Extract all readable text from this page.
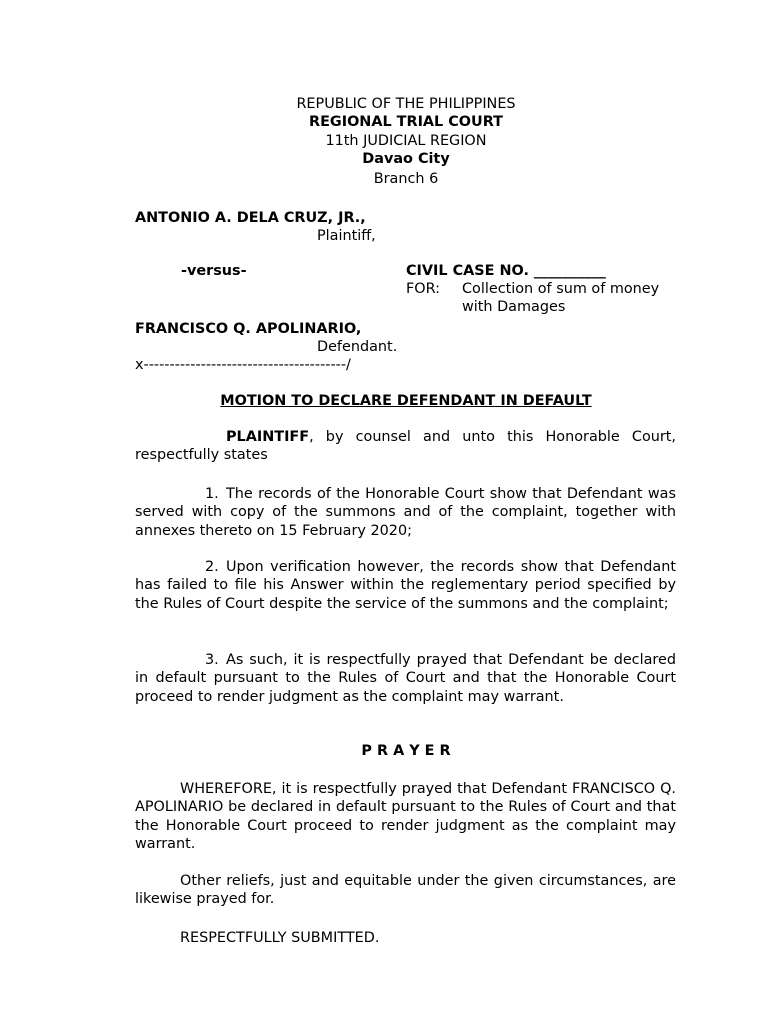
REPUBLIC OF THE PHILIPPINES
REGIONAL TRIAL COURT
11th JUDICIAL REGION
Davao City
Branch 6
ANTONIO A. DELA CRUZ, JR.,
Plaintiff,
-versus-	CIVIL CASE NO. __________
FOR: Collection of sum of money
with Damages
FRANCISCO Q. APOLINARIO,
Defendant.
x---------------------------------------/
MOTION TO DECLARE DEFENDANT IN DEFAULT
PLAINTIFF, by counsel and unto this Honorable Court, respectfully states
1. The records of the Honorable Court show that Defendant was served with copy of the summons and of the complaint, together with annexes thereto on 15 February 2020;
2. Upon verification however, the records show that Defendant has failed to file his Answer within the reglementary period specified by the Rules of Court despite the service of the summons and the complaint;
3. As such, it is respectfully prayed that Defendant be declared in default pursuant to the Rules of Court and that the Honorable Court proceed to render judgment as the complaint may warrant.
P R A Y E R
WHEREFORE, it is respectfully prayed that Defendant FRANCISCO Q. APOLINARIO be declared in default pursuant to the Rules of Court and that the Honorable Court proceed to render judgment as the complaint may warrant.
Other reliefs, just and equitable under the given circumstances, are likewise prayed for.
RESPECTFULLY SUBMITTED.
